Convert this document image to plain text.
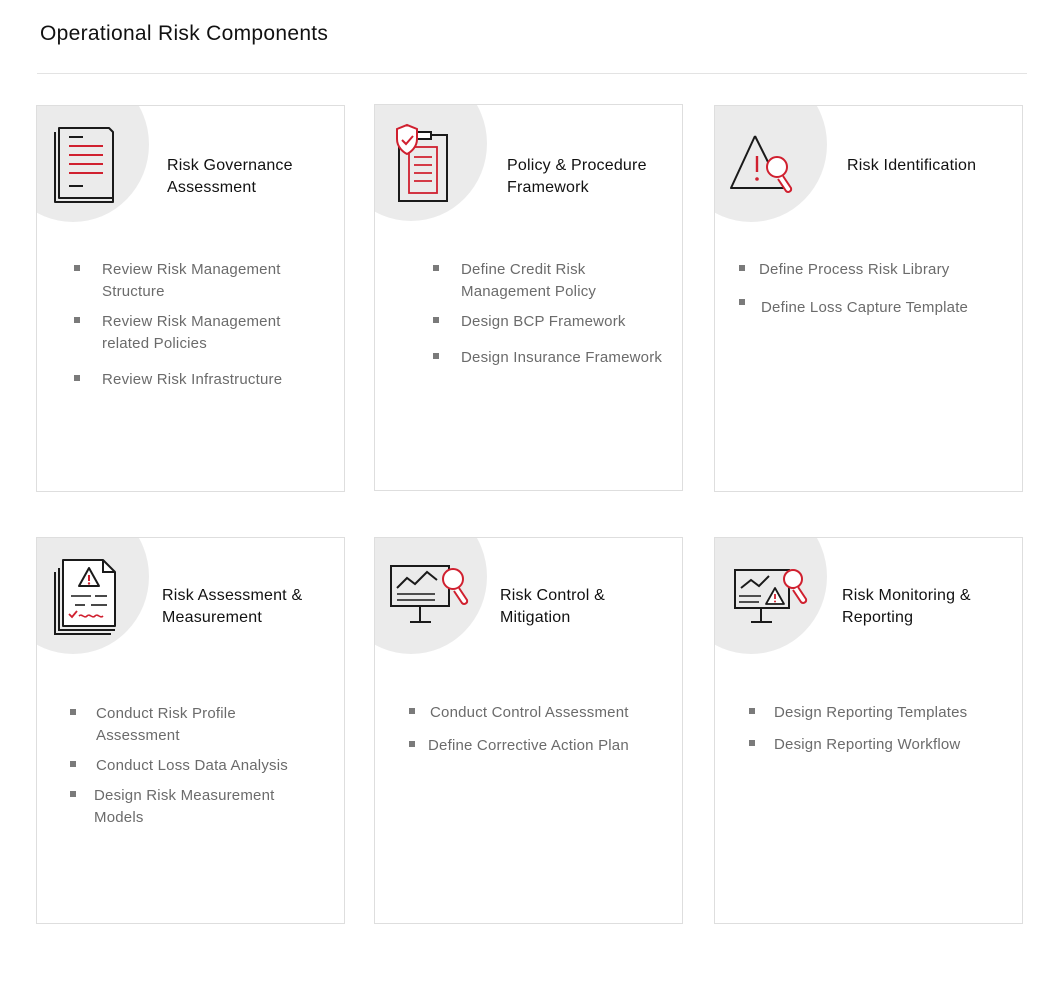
Operational Risk Components
Risk Governance
Assessment
Review Risk Management Structure
Review Risk Management related Policies
Review Risk Infrastructure
Policy & Procedure
Framework
Define Credit Risk Management Policy
Design BCP Framework
Design Insurance Framework
Risk Identification
Define Process Risk Library
Define Loss Capture Template
Risk Assessment &
Measurement
Conduct Risk Profile Assessment
Conduct Loss Data Analysis
Design Risk Measurement Models
Risk Control &
Mitigation
Conduct Control Assessment
Define Corrective Action Plan
Risk Monitoring &
Reporting
Design Reporting Templates
Design Reporting Workflow
